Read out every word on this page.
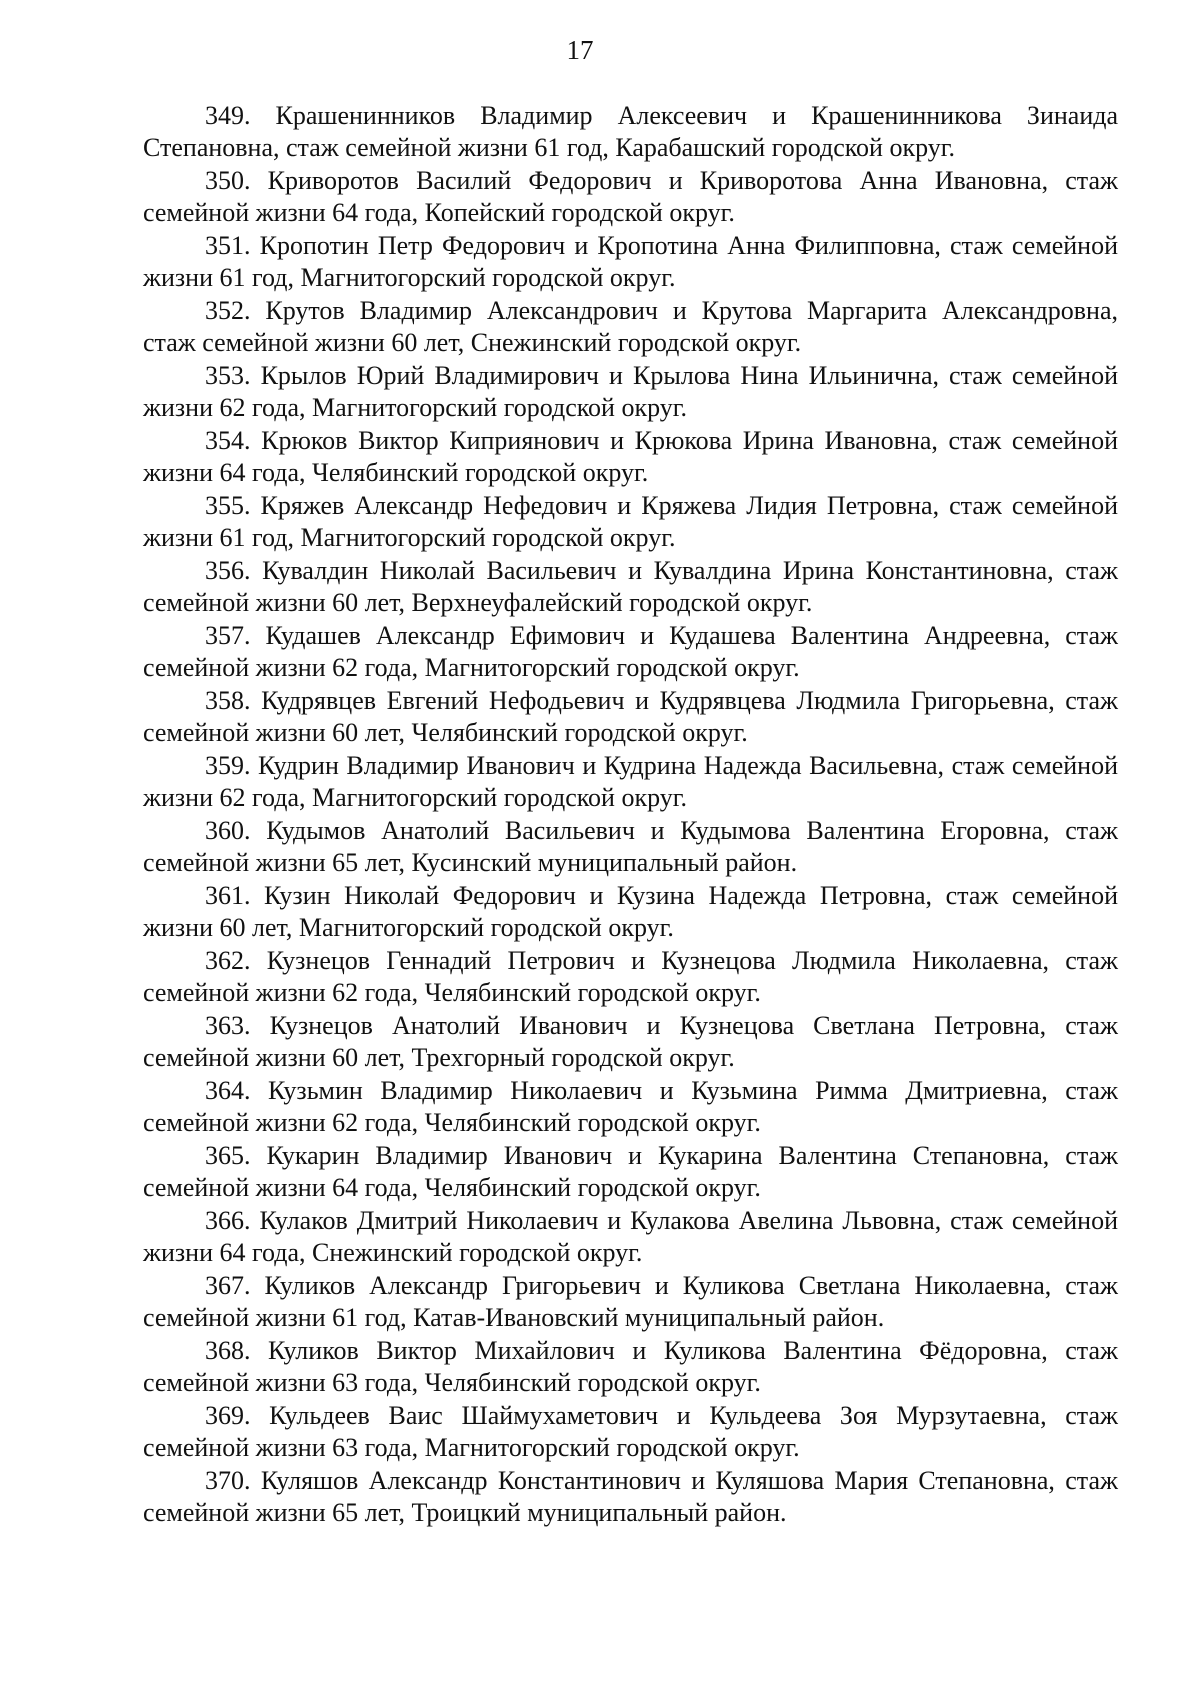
17

349. Крашенинников Владимир Алексеевич и Крашенинникова Зинаида Степановна, стаж семейной жизни 61 год, Карабашский городской округ.

350. Криворотов Василий Федорович и Криворотова Анна Ивановна, стаж семейной жизни 64 года, Копейский городской округ.

351. Кропотин Петр Федорович и Кропотина Анна Филипповна, стаж семейной жизни 61 год, Магнитогорский городской округ.

352. Крутов Владимир Александрович и Крутова Маргарита Александровна, стаж семейной жизни 60 лет, Снежинский городской округ.

353. Крылов Юрий Владимирович и Крылова Нина Ильинична, стаж семейной жизни 62 года, Магнитогорский городской округ.

354. Крюков Виктор Киприянович и Крюкова Ирина Ивановна, стаж семейной жизни 64 года, Челябинский городской округ.

355. Кряжев Александр Нефедович и Кряжева Лидия Петровна, стаж семейной жизни 61 год, Магнитогорский городской округ.

356. Кувалдин Николай Васильевич и Кувалдина Ирина Константиновна, стаж семейной жизни 60 лет, Верхнеуфалейский городской округ.

357. Кудашев Александр Ефимович и Кудашева Валентина Андреевна, стаж семейной жизни 62 года, Магнитогорский городской округ.

358. Кудрявцев Евгений Нефодьевич и Кудрявцева Людмила Григорьевна, стаж семейной жизни 60 лет, Челябинский городской округ.

359. Кудрин Владимир Иванович и Кудрина Надежда Васильевна, стаж семейной жизни 62 года, Магнитогорский городской округ.

360. Кудымов Анатолий Васильевич и Кудымова Валентина Егоровна, стаж семейной жизни 65 лет, Кусинский муниципальный район.

361. Кузин Николай Федорович и Кузина Надежда Петровна, стаж семейной жизни 60 лет, Магнитогорский городской округ.

362. Кузнецов Геннадий Петрович и Кузнецова Людмила Николаевна, стаж семейной жизни 62 года, Челябинский городской округ.

363. Кузнецов Анатолий Иванович и Кузнецова Светлана Петровна, стаж семейной жизни 60 лет, Трехгорный городской округ.

364. Кузьмин Владимир Николаевич и Кузьмина Римма Дмитриевна, стаж семейной жизни 62 года, Челябинский городской округ.

365. Кукарин Владимир Иванович и Кукарина Валентина Степановна, стаж семейной жизни 64 года, Челябинский городской округ.

366. Кулаков Дмитрий Николаевич и Кулакова Авелина Львовна, стаж семейной жизни 64 года, Снежинский городской округ.

367. Куликов Александр Григорьевич и Куликова Светлана Николаевна, стаж семейной жизни 61 год, Катав-Ивановский муниципальный район.

368. Куликов Виктор Михайлович и Куликова Валентина Фёдоровна, стаж семейной жизни 63 года, Челябинский городской округ.

369. Кульдеев Ваис Шаймухаметович и Кульдеева Зоя Мурзутаевна, стаж семейной жизни 63 года, Магнитогорский городской округ.

370. Куляшов Александр Константинович и Куляшова Мария Степановна, стаж семейной жизни 65 лет, Троицкий муниципальный район.
